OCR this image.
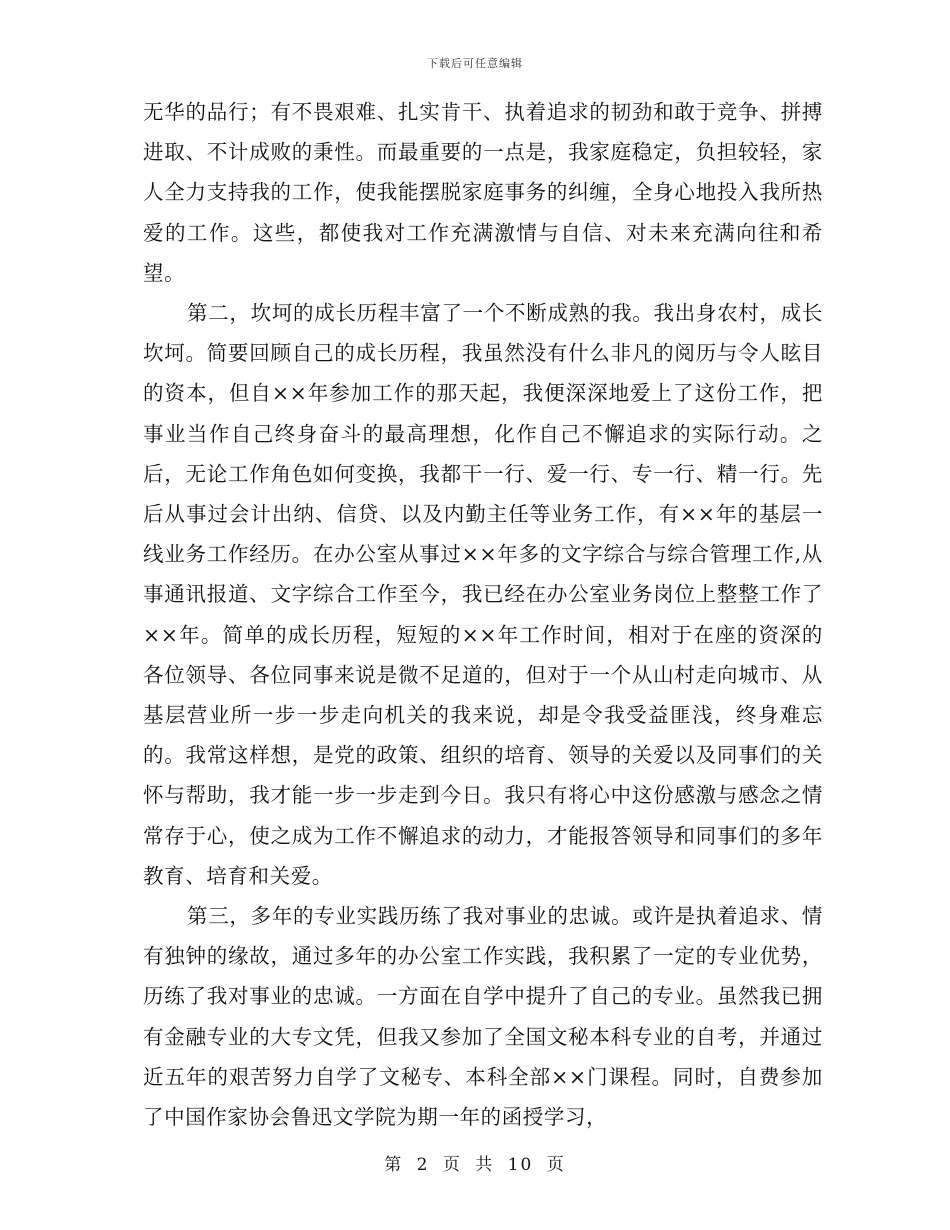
下载后可任意编辑

无华的品行；有不畏艰难、扎实肯干、执着追求的韧劲和敢于竞争、拼搏进取、不计成败的秉性。而最重要的一点是，我家庭稳定，负担较轻，家人全力支持我的工作，使我能摆脱家庭事务的纠缠，全身心地投入我所热爱的工作。这些，都使我对工作充满激情与自信、对未来充满向往和希望。

第二，坎坷的成长历程丰富了一个不断成熟的我。我出身农村，成长坎坷。简要回顾自己的成长历程，我虽然没有什么非凡的阅历与令人眩目的资本，但自××年参加工作的那天起，我便深深地爱上了这份工作，把事业当作自己终身奋斗的最高理想，化作自己不懈追求的实际行动。之后，无论工作角色如何变换，我都干一行、爱一行、专一行、精一行。先后从事过会计出纳、信贷、以及内勤主任等业务工作，有××年的基层一线业务工作经历。在办公室从事过××年多的文字综合与综合管理工作,从事通讯报道、文字综合工作至今，我已经在办公室业务岗位上整整工作了××年。简单的成长历程，短短的××年工作时间，相对于在座的资深的各位领导、各位同事来说是微不足道的，但对于一个从山村走向城市、从基层营业所一步一步走向机关的我来说，却是令我受益匪浅，终身难忘的。我常这样想，是党的政策、组织的培育、领导的关爱以及同事们的关怀与帮助，我才能一步一步走到今日。我只有将心中这份感激与感念之情常存于心，使之成为工作不懈追求的动力，才能报答领导和同事们的多年教育、培育和关爱。

第三，多年的专业实践历练了我对事业的忠诚。或许是执着追求、情有独钟的缘故，通过多年的办公室工作实践，我积累了一定的专业优势，历练了我对事业的忠诚。一方面在自学中提升了自己的专业。虽然我已拥有金融专业的大专文凭，但我又参加了全国文秘本科专业的自考，并通过近五年的艰苦努力自学了文秘专、本科全部××门课程。同时，自费参加了中国作家协会鲁迅文学院为期一年的函授学习，

第 2 页 共 10 页
